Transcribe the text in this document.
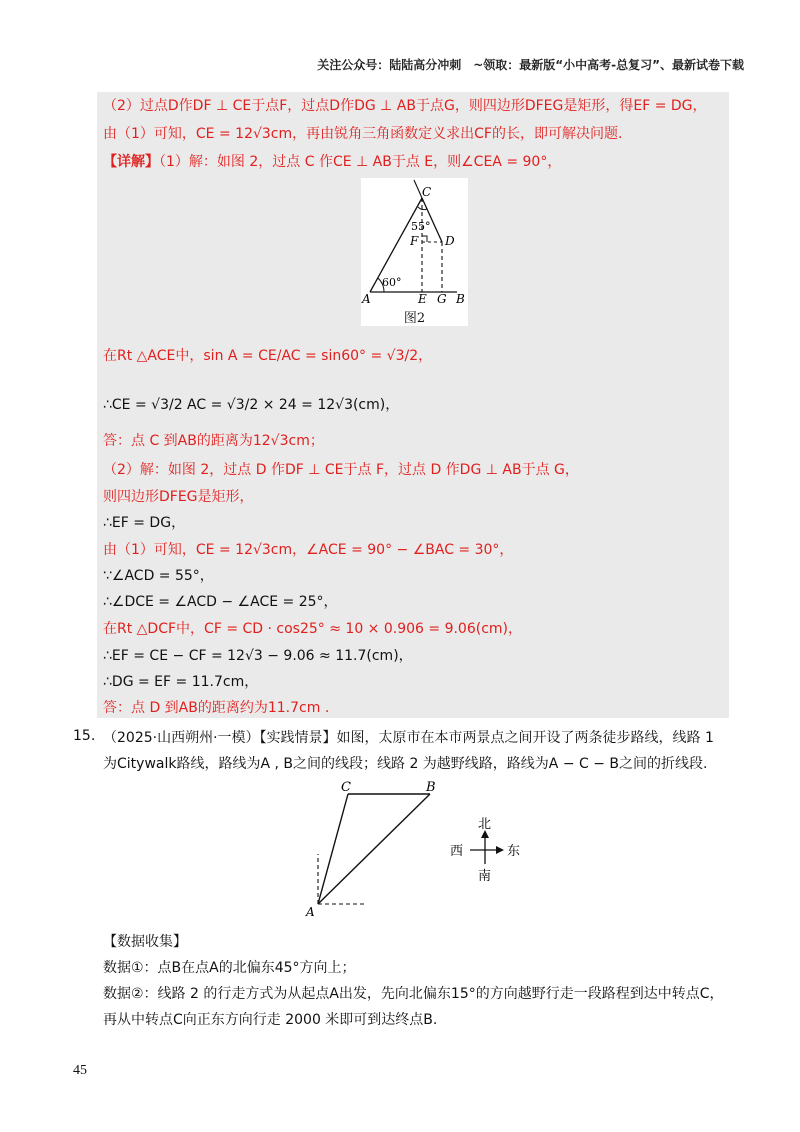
关注公众号：陆陆高分冲刺　~领取：最新版“小中高考-总复习”、最新试卷下载
（2）过点D作DF ⊥ CE于点F，过点D作DG ⊥ AB于点G，则四边形DFEG是矩形，得EF = DG，
由（1）可知，CE = 12√3cm，再由锐角三角函数定义求出CF的长，即可解决问题.
【详解】（1）解：如图 2，过点 C 作CE ⊥ AB于点 E，则∠CEA = 90°，
C
D
F
A	E G B
55°
60°
图2
在Rt △ACE中，sin A = CE/AC = sin60° = √3/2，
∴CE = √3/2 AC = √3/2 × 24 = 12√3(cm)，
答：点 C 到AB的距离为12√3cm；
（2）解：如图 2，过点 D 作DF ⊥ CE于点 F，过点 D 作DG ⊥ AB于点 G，
则四边形DFEG是矩形，
∴EF = DG，
由（1）可知，CE = 12√3cm，∠ACE = 90° − ∠BAC = 30°，
∵∠ACD = 55°，
∴∠DCE = ∠ACD − ∠ACE = 25°，
在Rt △DCF中，CF = CD · cos25° ≈ 10 × 0.906 = 9.06(cm)，
∴EF = CE − CF = 12√3 − 9.06 ≈ 11.7(cm)，
∴DG = EF = 11.7cm，
答：点 D 到AB的距离约为11.7cm .
15. （2025·山西朔州·一模）【实践情景】如图，太原市在本市两景点之间开设了两条徒步路线，线路 1
为Citywalk路线，路线为A , B之间的线段；线路 2 为越野线路，路线为A − C − B之间的折线段.
C	B
A
北
南
西	东
【数据收集】
数据①：点B在点A的北偏东45°方向上；
数据②：线路 2 的行走方式为从起点A出发，先向北偏东15°的方向越野行走一段路程到达中转点C，
再从中转点C向正东方向行走 2000 米即可到达终点B.
45
